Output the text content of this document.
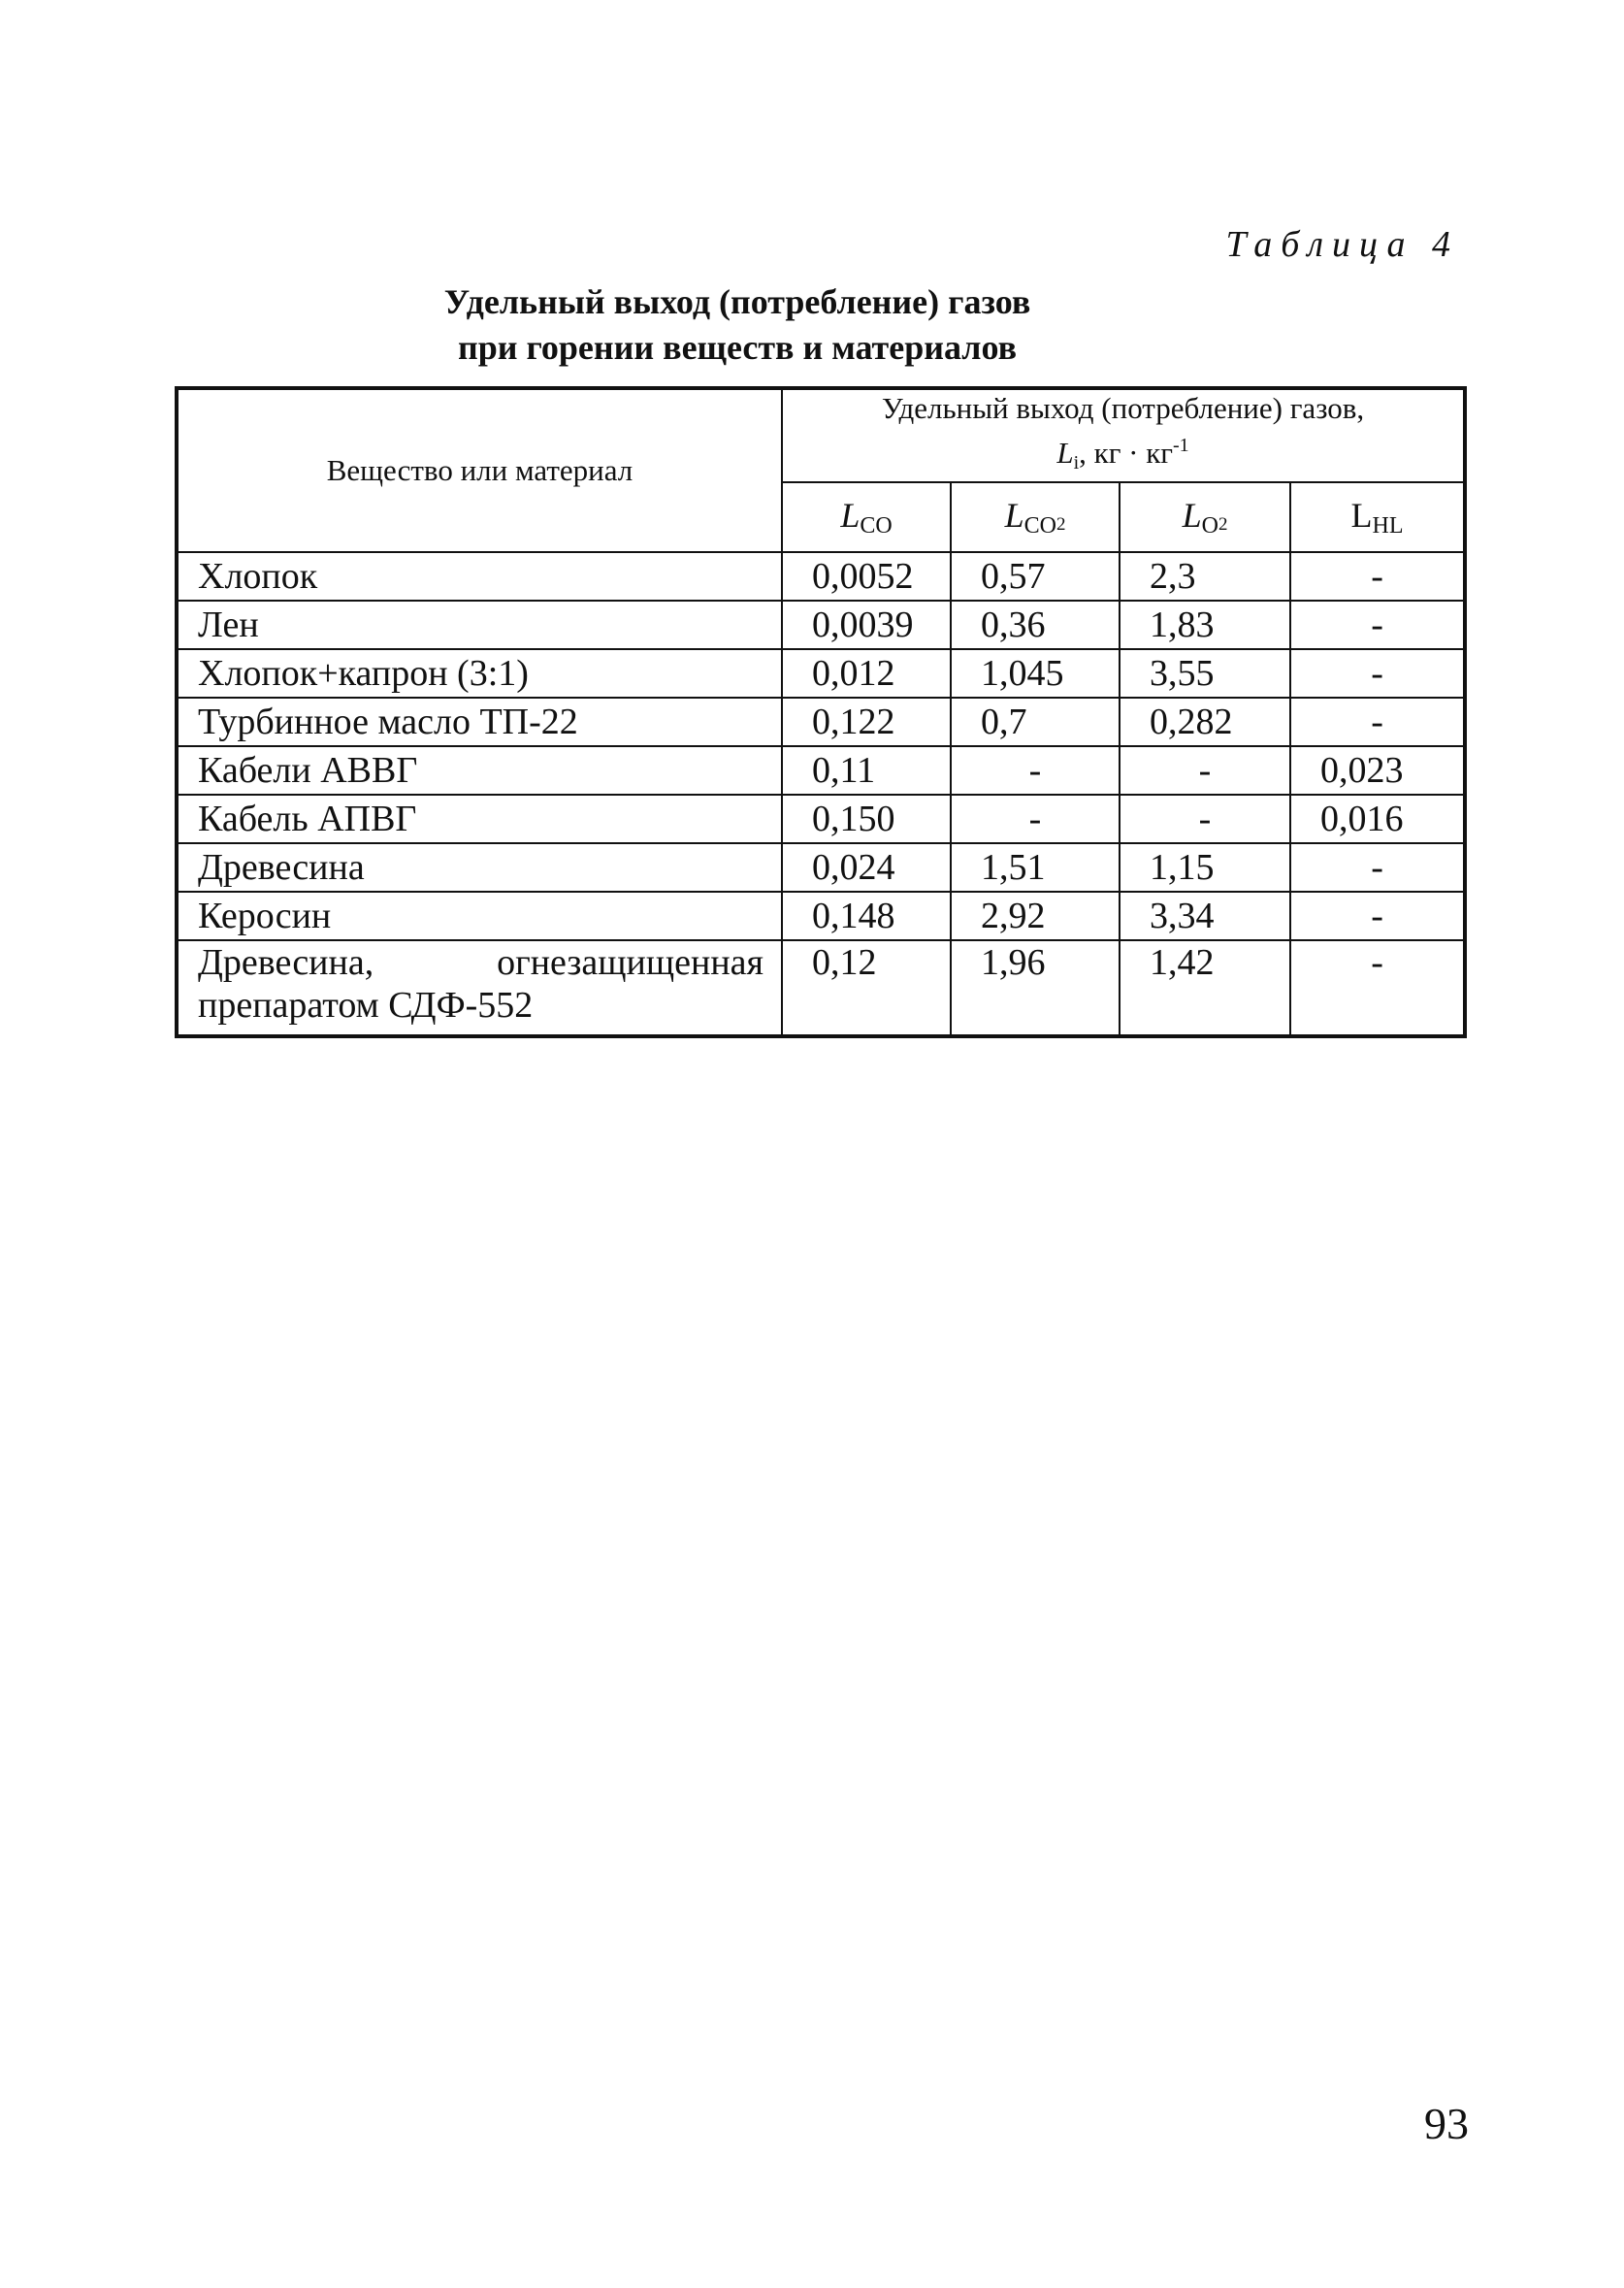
Таблица 4
Удельный выход (потребление) газов
при горении веществ и материалов
Вещество или материал	Удельный выход (потребление) газов,
$L_i$, кг · $кг^{-1}$
	$L_{CO}$	$L_{CO}2$	$L_O2$	$L_{HL}$
Хлопок	0,0052	0,57	2,3	-
Лен	0,0039	0,36	1,83	-
Хлопок+капрон (3:1)	0,012	1,045	3,55	-
Турбинное масло ТП-22	0,122	0,7	0,282	-
Кабели АВВГ	0,11	-	-	0,023
Кабель АПВГ	0,150	-	-	0,016
Древесина	0,024	1,51	1,15	-
Керосин	0,148	2,92	3,34	-
Древесина, огнезащищенная препаратом СДФ-552	0,12	1,96	1,42	-
93
